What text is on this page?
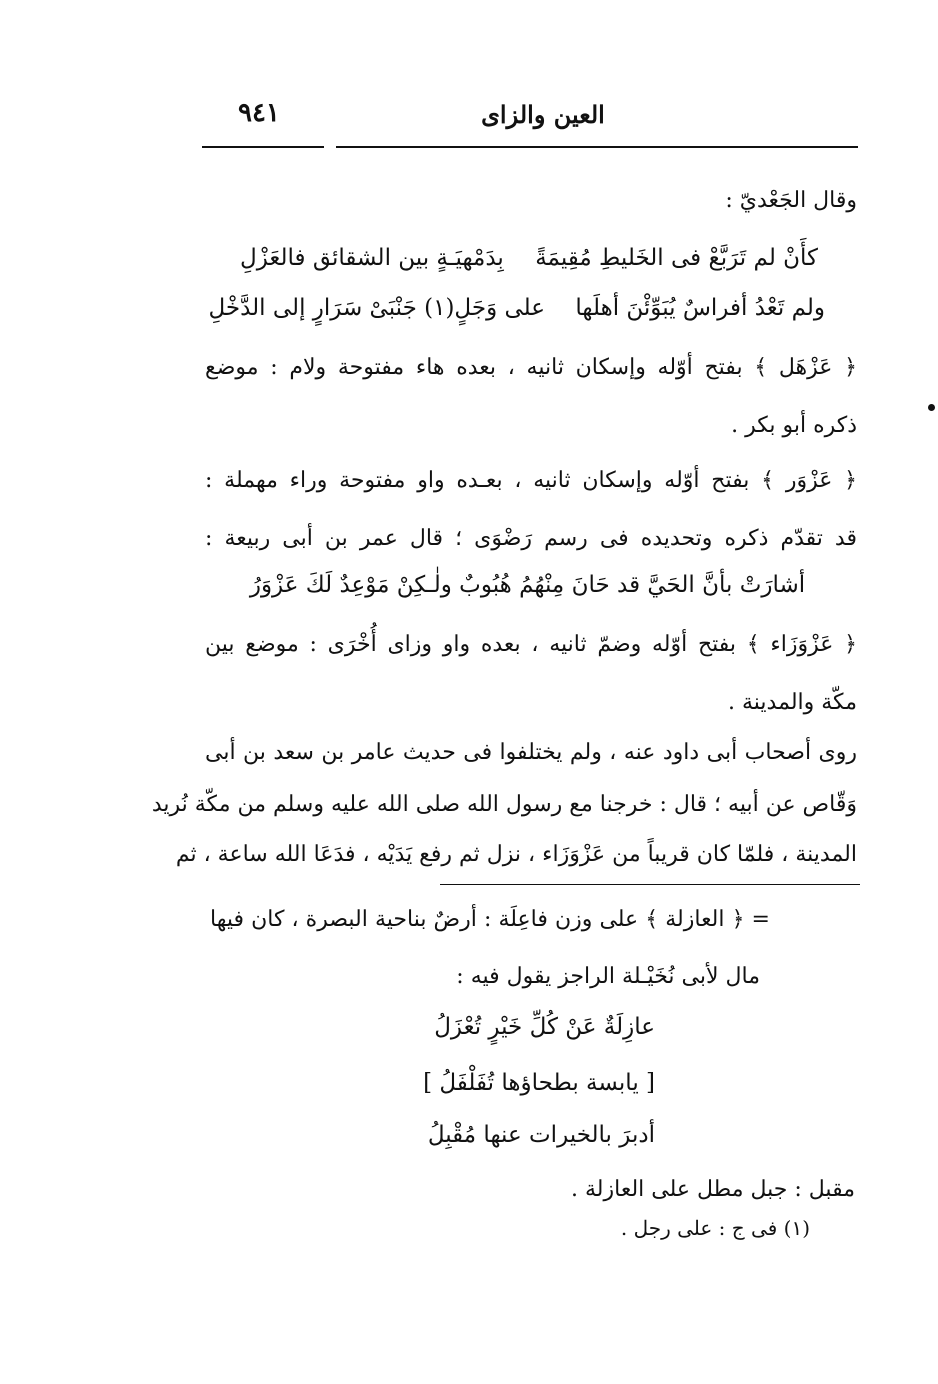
٩٤١	العين والزاى
وقال الجَعْديّ :
كأَنْ لم تَرَبَّعْ فى الخَليطِ مُقِيمَةً
بِدَمْهيَـةٍ بين الشقائق فالعَزْلِ
ولم تَعْدُ أفراسٌ يُبَوِّئْنَ أهلَها
على وَجَلٍ(١) جَنْبَىْ سَرَارٍ إلى الدَّخْلِ
﴿ عَزْهَل ﴾ بفتح أوّله وإسكان ثانيه ، بعده هاء مفتوحة ولام : موضع
ذكره أبو بكر .
﴿ عَزْوَر ﴾ بفتح أوّله وإسكان ثانيه ، بعـده واو مفتوحة وراء مهملة :
قد تقدّم ذكره وتحديده فى رسم رَضْوَى ؛ قال عمر بن أبى ربيعة :
أشارَتْ بأنَّ الحَيَّ قد حَانَ مِنْهُمُ هُبُوبٌ ولٰـكِنْ مَوْعِدٌ لَكَ عَزْوَرُ
﴿ عَزْوَزَاء ﴾ بفتح أوّله وضمّ ثانيه ، بعده واو وزاى أُخْرَى : موضع بين
مكّة والمدينة .
روى أصحاب أبى داود عنه ، ولم يختلفوا فى حديث عامر بن سعد بن أبى
وَقّاص عن أبيه ؛ قال : خرجنا مع رسول الله صلى الله عليه وسلم من مكّة نُريد
المدينة ، فلمّا كان قريباً من عَزْوَزَاء ، نزل ثم رفع يَدَيْه ، فدَعَا الله ساعة ، ثم
= ﴿ العازلة ﴾ على وزن فاعِلَة : أرضٌ بناحية البصرة ، كان فيها
مال لأبى نُخَيْـلة الراجز يقول فيه :
عازِلَةٌ عَنْ كُلِّ خَيْرٍ تُعْزَلُ
[ يابسة بطحاؤها تُفَلْفَلُ ]
أدبرَ بالخيرات عنها مُقْبِلُ
مقبل : جبل مطل على العازلة .
(١) فى ج : على رجل .
